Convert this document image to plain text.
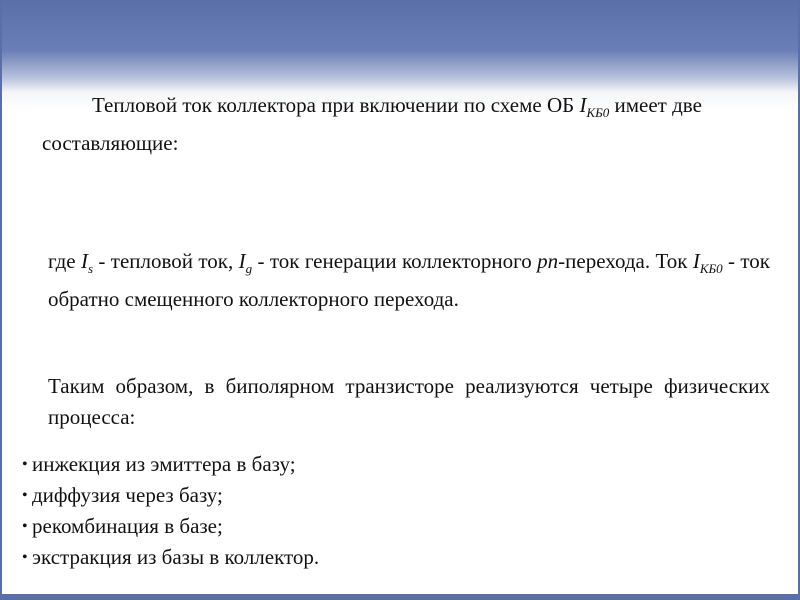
Тепловой ток коллектора при включении по схеме ОБ $I_{КБ0}$ имеет две составляющие:
где $I_s$ - тепловой ток, $I_g$ - ток генерации коллекторного pn-перехода. Ток $I_{КБ0}$ - ток обратно смещенного коллекторного перехода.
Таким образом, в биполярном транзисторе реализуются четыре физических процесса:
• инжекция из эмиттера в базу;
• диффузия через базу;
• рекомбинация в базе;
• экстракция из базы в коллектор.
